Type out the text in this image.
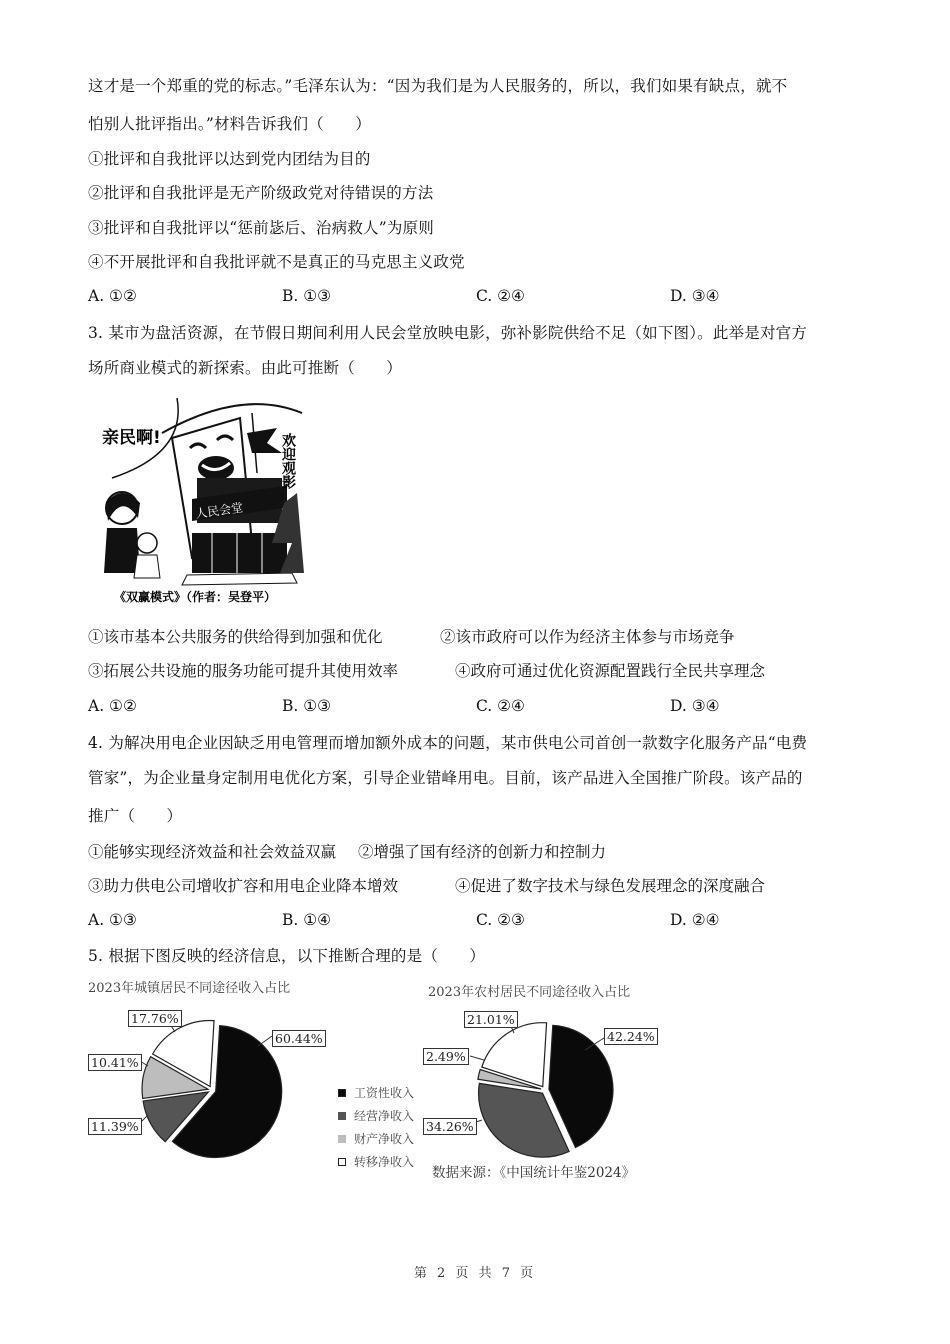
这才是一个郑重的党的标志。”毛泽东认为：“因为我们是为人民服务的，所以，我们如果有缺点，就不
怕别人批评指出。”材料告诉我们（　　）
①批评和自我批评以达到党内团结为目的
②批评和自我批评是无产阶级政党对待错误的方法
③批评和自我批评以“惩前毖后、治病救人”为原则
④不开展批评和自我批评就不是真正的马克思主义政党
A. ①②	B. ①③	C. ②④	D. ③④
3. 某市为盘活资源，在节假日期间利用人民会堂放映电影，弥补影院供给不足（如下图）。此举是对官方
场所商业模式的新探索。由此可推断（　　）
亲民啊!
人民会堂
欢迎观影
《双赢模式》（作者：吴登平）
①该市基本公共服务的供给得到加强和优化	②该市政府可以作为经济主体参与市场竞争
③拓展公共设施的服务功能可提升其使用效率	④政府可通过优化资源配置践行全民共享理念
A. ①②	B. ①③	C. ②④	D. ③④
4. 为解决用电企业因缺乏用电管理而增加额外成本的问题，某市供电公司首创一款数字化服务产品“电费
管家”，为企业量身定制用电优化方案，引导企业错峰用电。目前，该产品进入全国推广阶段。该产品的
推广（　　）
①能够实现经济效益和社会效益双赢 ②增强了国有经济的创新力和控制力
③助力供电公司增收扩容和用电企业降本增效	④促进了数字技术与绿色发展理念的深度融合
A. ①③	B. ①④	C. ②③	D. ②④
5. 根据下图反映的经济信息，以下推断合理的是（　　）
2023年城镇居民不同途径收入占比	2023年农村居民不同途径收入占比
60.44%
11.39%
10.41%
17.76%
42.24%
34.26%
2.49%
21.01%
工资性收入
经营净收入
财产净收入
转移净收入
数据来源：《中国统计年鉴2024》
第 2 页 共 7 页
